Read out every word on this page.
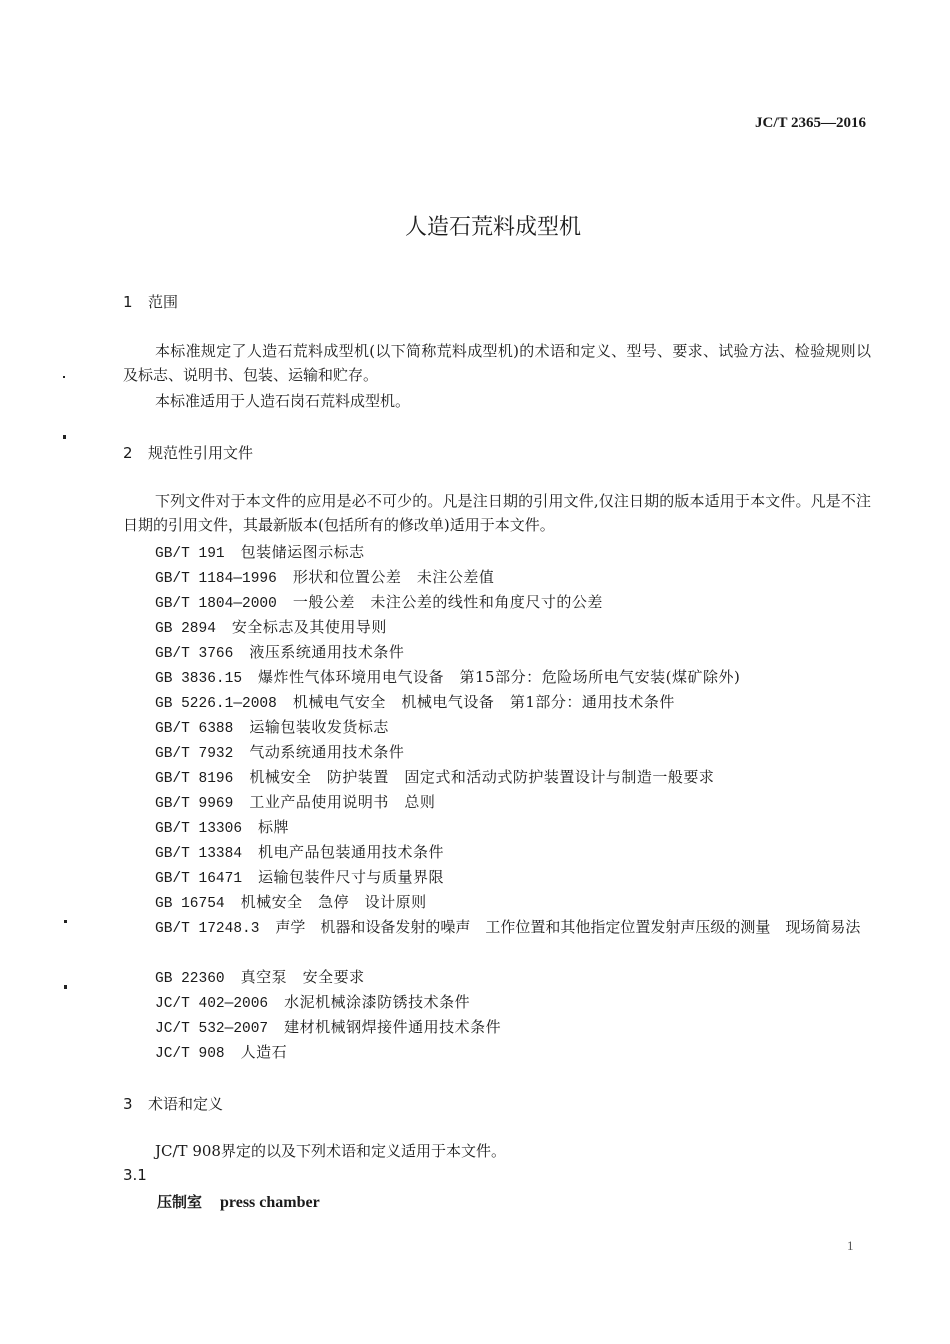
JC/T 2365—2016
人造石荒料成型机
1 范围
本标准规定了人造石荒料成型机(以下简称荒料成型机)的术语和定义、型号、要求、试验方法、检验规则以及标志、说明书、包装、运输和贮存。
本标准适用于人造石岗石荒料成型机。
2 规范性引用文件
下列文件对于本文件的应用是必不可少的。凡是注日期的引用文件,仅注日期的版本适用于本文件。凡是不注日期的引用文件，其最新版本(包括所有的修改单)适用于本文件。
GB/T 191 包装储运图示标志
GB/T 1184—1996 形状和位置公差　未注公差值
GB/T 1804—2000 一般公差　未注公差的线性和角度尺寸的公差
GB 2894 安全标志及其使用导则
GB/T 3766 液压系统通用技术条件
GB 3836.15 爆炸性气体环境用电气设备　第15部分：危险场所电气安装(煤矿除外)
GB 5226.1—2008 机械电气安全　机械电气设备　第1部分：通用技术条件
GB/T 6388 运输包装收发货标志
GB/T 7932 气动系统通用技术条件
GB/T 8196 机械安全　防护装置　固定式和活动式防护装置设计与制造一般要求
GB/T 9969 工业产品使用说明书　总则
GB/T 13306 标牌
GB/T 13384 机电产品包装通用技术条件
GB/T 16471 运输包装件尺寸与质量界限
GB 16754 机械安全　急停　设计原则
GB/T 17248.3 声学　机器和设备发射的噪声　工作位置和其他指定位置发射声压级的测量　现场简易法
GB 22360 真空泵　安全要求
JC/T 402—2006 水泥机械涂漆防锈技术条件
JC/T 532—2007 建材机械钢焊接件通用技术条件
JC/T 908 人造石
3 术语和定义
JC/T 908界定的以及下列术语和定义适用于本文件。
3.1
压制室 press chamber
1
